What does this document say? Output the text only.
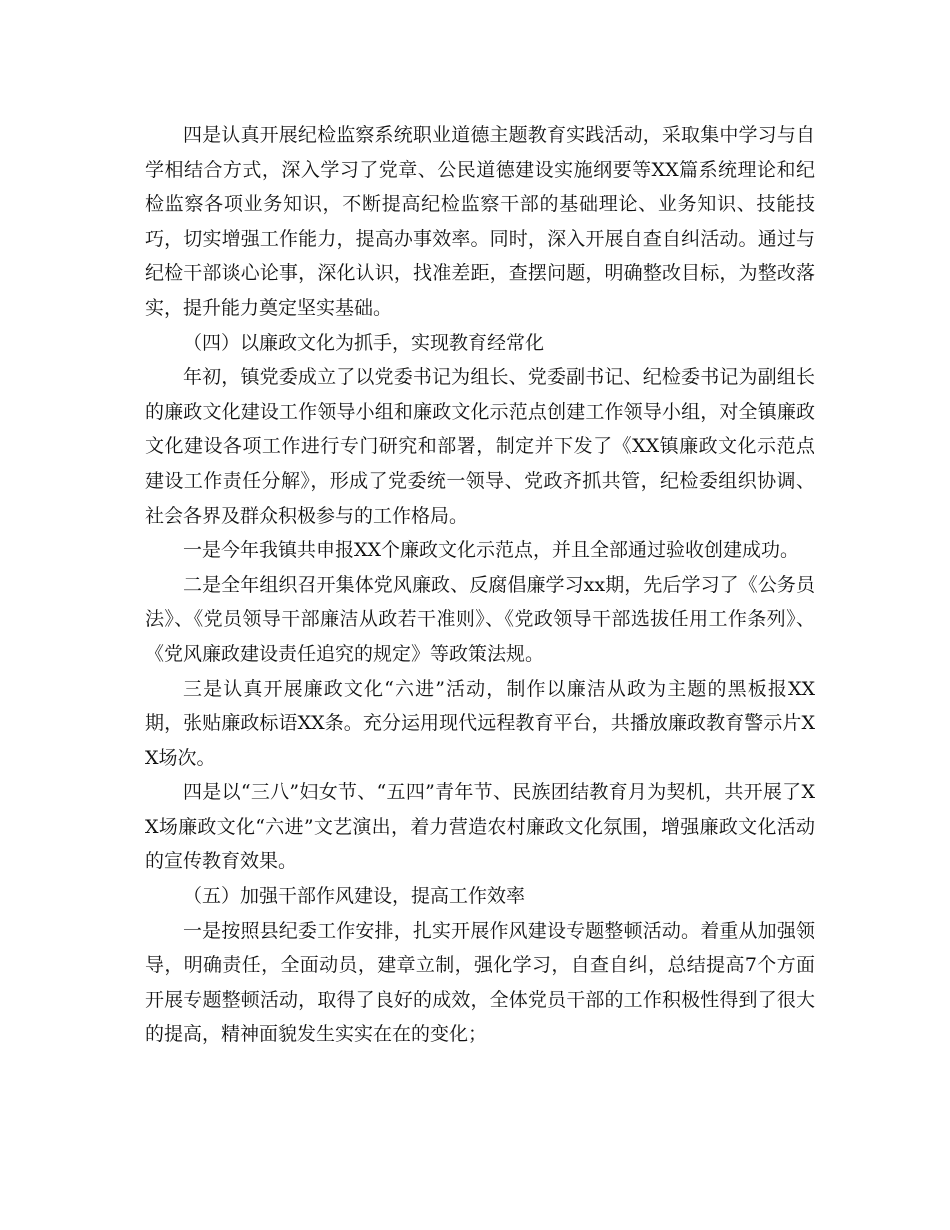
四是认真开展纪检监察系统职业道德主题教育实践活动，采取集中学习与自学相结合方式，深入学习了党章、公民道德建设实施纲要等XX篇系统理论和纪检监察各项业务知识，不断提高纪检监察干部的基础理论、业务知识、技能技巧，切实增强工作能力，提高办事效率。同时，深入开展自查自纠活动。通过与纪检干部谈心论事，深化认识，找准差距，查摆问题，明确整改目标，为整改落实，提升能力奠定坚实基础。

（四）以廉政文化为抓手，实现教育经常化

年初，镇党委成立了以党委书记为组长、党委副书记、纪检委书记为副组长的廉政文化建设工作领导小组和廉政文化示范点创建工作领导小组，对全镇廉政文化建设各项工作进行专门研究和部署，制定并下发了《XX镇廉政文化示范点建设工作责任分解》，形成了党委统一领导、党政齐抓共管，纪检委组织协调、社会各界及群众积极参与的工作格局。

一是今年我镇共申报XX个廉政文化示范点，并且全部通过验收创建成功。

二是全年组织召开集体党风廉政、反腐倡廉学习xx期，先后学习了《公务员法》、《党员领导干部廉洁从政若干准则》、《党政领导干部选拔任用工作条列》、《党风廉政建设责任追究的规定》等政策法规。

三是认真开展廉政文化“六进”活动，制作以廉洁从政为主题的黑板报XX期，张贴廉政标语XX条。充分运用现代远程教育平台，共播放廉政教育警示片XX场次。

四是以“三八”妇女节、“五四”青年节、民族团结教育月为契机，共开展了XX场廉政文化“六进”文艺演出，着力营造农村廉政文化氛围，增强廉政文化活动的宣传教育效果。

（五）加强干部作风建设，提高工作效率

一是按照县纪委工作安排，扎实开展作风建设专题整顿活动。着重从加强领导，明确责任，全面动员，建章立制，强化学习，自查自纠，总结提高7个方面开展专题整顿活动，取得了良好的成效，全体党员干部的工作积极性得到了很大的提高，精神面貌发生实实在在的变化；
